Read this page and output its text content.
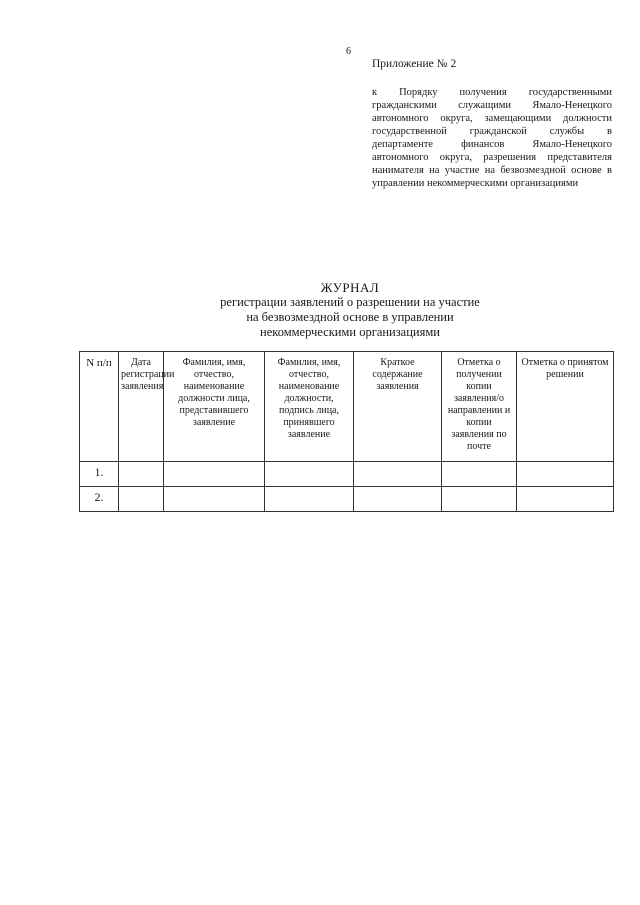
6

Приложение № 2

к Порядку получения государственными гражданскими служащими Ямало-Ненецкого автономного округа, замещающими должности государственной гражданской службы в департаменте финансов Ямало-Ненецкого автономного округа, разрешения представителя нанимателя на участие на безвозмездной основе в управлении некоммерческими организациями

ЖУРНАЛ
регистрации заявлений о разрешении на участие
на безвозмездной основе в управлении
некоммерческими организациями
N п/п	Дата регистрации заявления	Фамилия, имя, отчество, наименование должности лица, представившего заявление	Фамилия, имя, отчество, наименование должности, подпись лица, принявшего заявление	Краткое содержание заявления	Отметка о получении копии заявления/о направлении и копии заявления по почте	Отметка о принятом решении
1.						
2.						
